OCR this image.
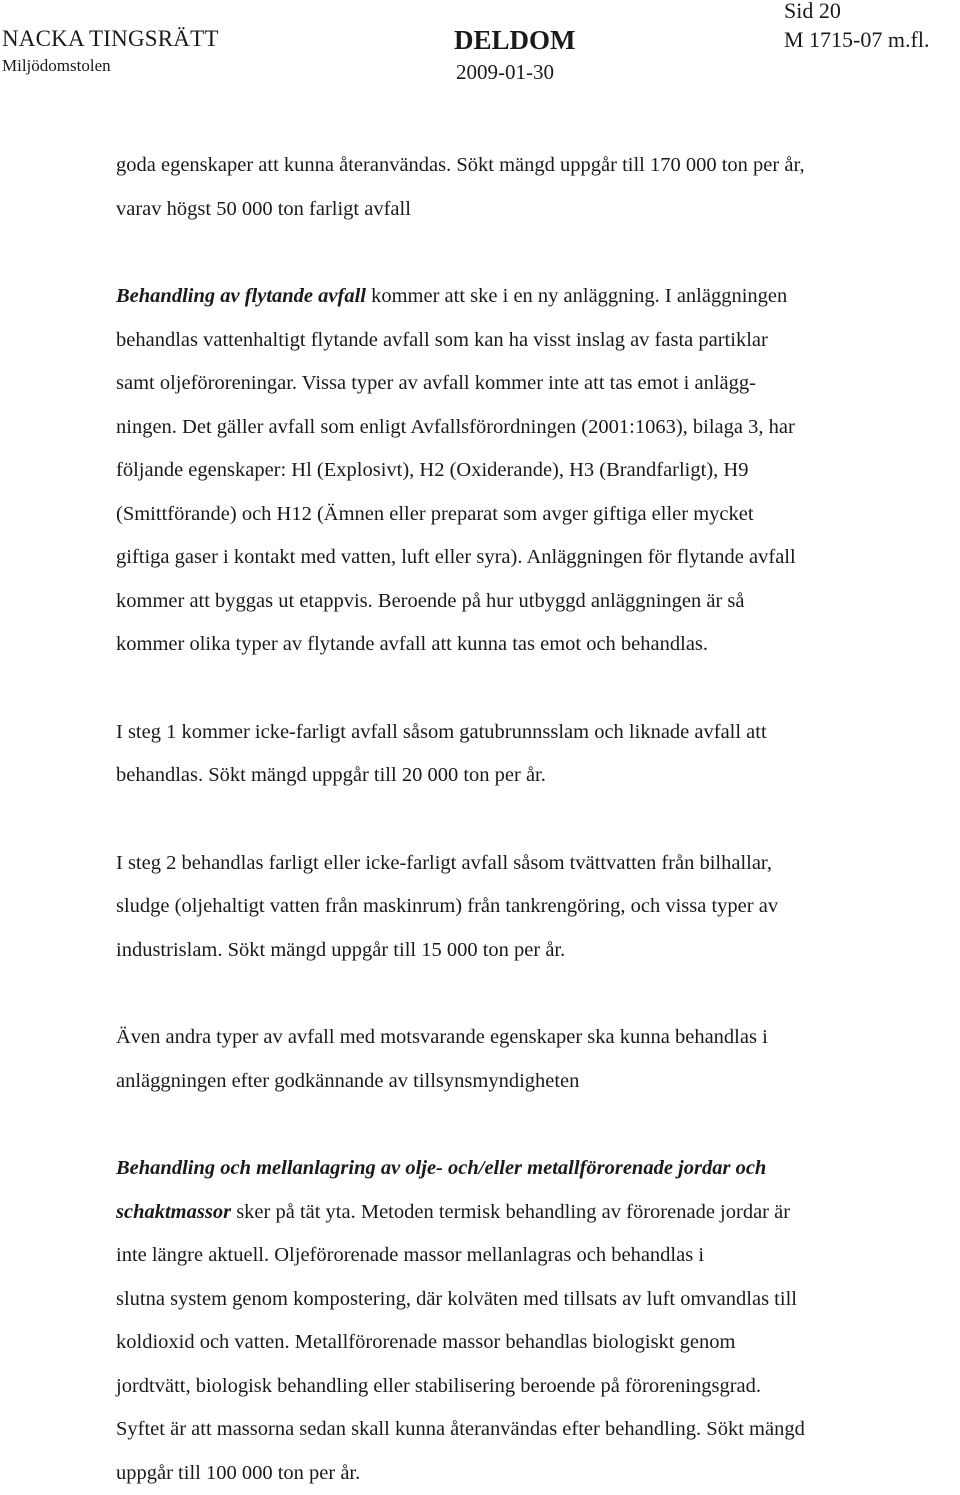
NACKA TINGSRÄTT
Miljödomstolen
DELDOM
2009-01-30
Sid 20
M 1715-07 m.fl.
goda egenskaper att kunna återanvändas. Sökt mängd uppgår till 170 000 ton per år,
varav högst 50 000 ton farligt avfall
Behandling av flytande avfall kommer att ske i en ny anläggning. I anläggningen
behandlas vattenhaltigt flytande avfall som kan ha visst inslag av fasta partiklar
samt oljeföroreningar. Vissa typer av avfall kommer inte att tas emot i anlägg-
ningen. Det gäller avfall som enligt Avfallsförordningen (2001:1063), bilaga 3, har
följande egenskaper: Hl (Explosivt), H2 (Oxiderande), H3 (Brandfarligt), H9
(Smittförande) och H12 (Ämnen eller preparat som avger giftiga eller mycket
giftiga gaser i kontakt med vatten, luft eller syra). Anläggningen för flytande avfall
kommer att byggas ut etappvis. Beroende på hur utbyggd anläggningen är så
kommer olika typer av flytande avfall att kunna tas emot och behandlas.
I steg 1 kommer icke-farligt avfall såsom gatubrunnsslam och liknade avfall att
behandlas. Sökt mängd uppgår till 20 000 ton per år.
I steg 2 behandlas farligt eller icke-farligt avfall såsom tvättvatten från bilhallar,
sludge (oljehaltigt vatten från maskinrum) från tankrengöring, och vissa typer av
industrislam. Sökt mängd uppgår till 15 000 ton per år.
Även andra typer av avfall med motsvarande egenskaper ska kunna behandlas i
anläggningen efter godkännande av tillsynsmyndigheten
Behandling och mellanlagring av olje- och/eller metallförorenade jordar och
schaktmassor sker på tät yta. Metoden termisk behandling av förorenade jordar är
inte längre aktuell. Oljeförorenade massor mellanlagras och behandlas i
slutna system genom kompostering, där kolväten med tillsats av luft omvandlas till
koldioxid och vatten. Metallförorenade massor behandlas biologiskt genom
jordtvätt, biologisk behandling eller stabilisering beroende på föroreningsgrad.
Syftet är att massorna sedan skall kunna återanvändas efter behandling. Sökt mängd
uppgår till 100 000 ton per år.
